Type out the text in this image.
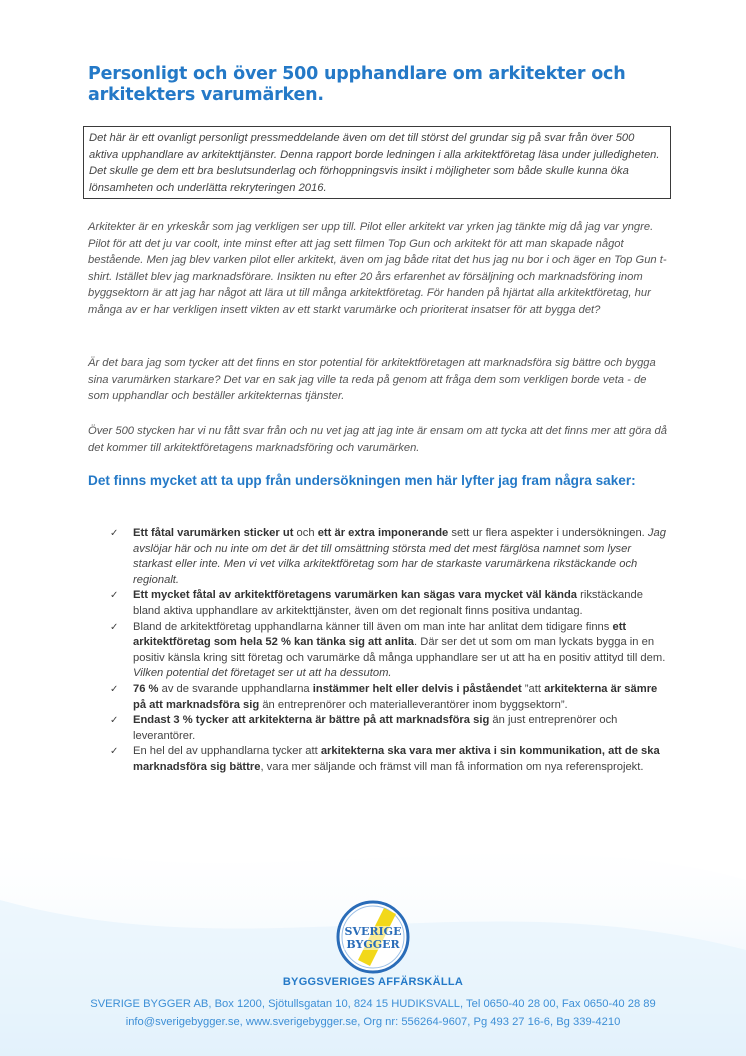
Personligt och över 500 upphandlare om arkitekter och arkitekters varumärken.
Det här är ett ovanligt personligt pressmeddelande även om det till störst del grundar sig på svar från över 500 aktiva upphandlare av arkitekttjänster. Denna rapport borde ledningen i alla arkitektföretag läsa under julledigheten. Det skulle ge dem ett bra beslutsunderlag och förhoppningsvis insikt i möjligheter som både skulle kunna öka lönsamheten och underlätta rekryteringen 2016.

Arkitekter är en yrkeskår som jag verkligen ser upp till. Pilot eller arkitekt var yrken jag tänkte mig då jag var yngre. Pilot för att det ju var coolt, inte minst efter att jag sett filmen Top Gun och arkitekt för att man skapade något bestående. Men jag blev varken pilot eller arkitekt, även om jag både ritat det hus jag nu bor i och äger en Top Gun t-shirt. Istället blev jag marknadsförare. Insikten nu efter 20 års erfarenhet av försäljning och marknadsföring inom byggsektorn är att jag har något att lära ut till många arkitektföretag. För handen på hjärtat alla arkitektföretag, hur många av er har verkligen insett vikten av ett starkt varumärke och prioriterat insatser för att bygga det?

Är det bara jag som tycker att det finns en stor potential för arkitektföretagen att marknadsföra sig bättre och bygga sina varumärken starkare? Det var en sak jag ville ta reda på genom att fråga dem som verkligen borde veta - de som upphandlar och beställer arkitekternas tjänster.

Över 500 stycken har vi nu fått svar från och nu vet jag att jag inte är ensam om att tycka att det finns mer att göra då det kommer till arkitektföretagens marknadsföring och varumärken.

Det finns mycket att ta upp från undersökningen men här lyfter jag fram några saker:
✓ Ett fåtal varumärken sticker ut och ett är extra imponerande sett ur flera aspekter i undersökningen. Jag avslöjar här och nu inte om det är det till omsättning största med det mest färglösa namnet som lyser starkast eller inte. Men vi vet vilka arkitektföretag som har de starkaste varumärkena rikstäckande och regionalt.
✓ Ett mycket fåtal av arkitektföretagens varumärken kan sägas vara mycket väl kända rikstäckande bland aktiva upphandlare av arkitekttjänster, även om det regionalt finns positiva undantag.
✓ Bland de arkitektföretag upphandlarna känner till även om man inte har anlitat dem tidigare finns ett arkitektföretag som hela 52 % kan tänka sig att anlita. Där ser det ut som om man lyckats bygga in en positiv känsla kring sitt företag och varumärke då många upphandlare ser ut att ha en positiv attityd till dem. Vilken potential det företaget ser ut att ha dessutom.
✓ 76 % av de svarande upphandlarna instämmer helt eller delvis i påståendet ”att arkitekterna är sämre på att marknadsföra sig än entreprenörer och materialleverantörer inom byggsektorn”.
✓ Endast 3 % tycker att arkitekterna är bättre på att marknadsföra sig än just entreprenörer och leverantörer.
✓ En hel del av upphandlarna tycker att arkitekterna ska vara mer aktiva i sin kommunikation, att de ska marknadsföra sig bättre, vara mer säljande och främst vill man få information om nya referensprojekt.
SVERIGE
BYGGER
BYGGSVERIGES AFFÄRSKÄLLA
SVERIGE BYGGER AB, Box 1200, Sjötullsgatan 10, 824 15 HUDIKSVALL, Tel 0650-40 28 00, Fax 0650-40 28 89
info@sverigebygger.se, www.sverigebygger.se, Org nr: 556264-9607, Pg 493 27 16-6, Bg 339-4210
